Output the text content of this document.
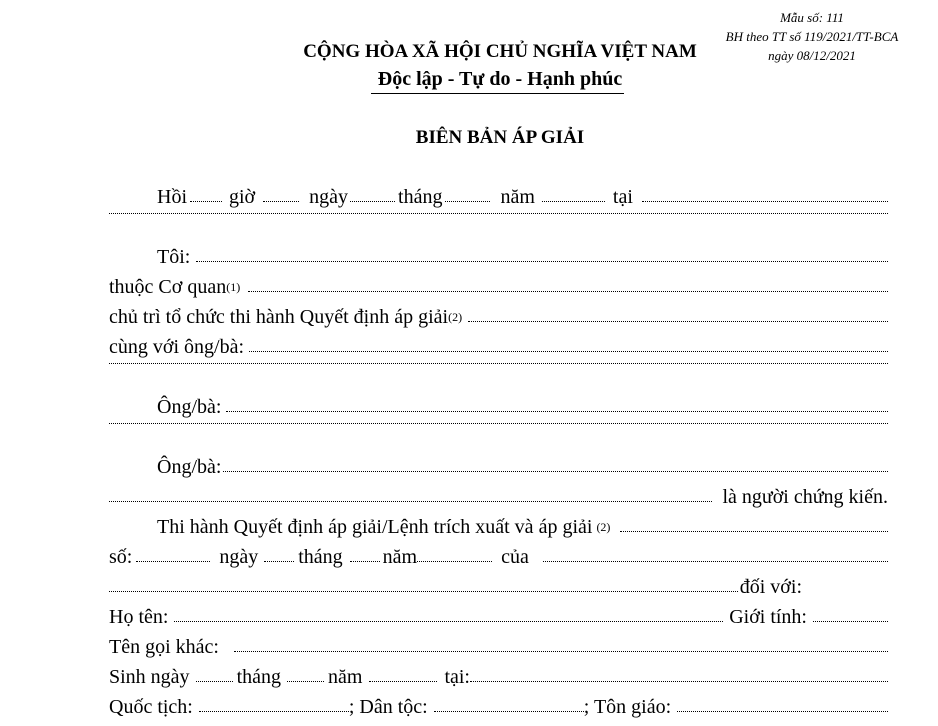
Mẫu số: 111
BH theo TT số 119/2021/TT-BCA
ngày 08/12/2021
CỘNG HÒA XÃ HỘI CHỦ NGHĨA VIỆT NAM
Độc lập - Tự do - Hạnh phúc
BIÊN BẢN ÁP GIẢI
Hồi giờ	ngày	tháng	năm	tại
Tôi:
thuộc Cơ quan$^{(1)}$
chủ trì tổ chức thi hành Quyết định áp giải$^{(2)}$
cùng với ông/bà:
Ông/bà:
Ông/bà:
là người chứng kiến.
Thi hành Quyết định áp giải/Lệnh trích xuất và áp giải $^{(2)}$
số:	ngày tháng năm	của
đối với:
Họ tên:	Giới tính:
Tên gọi khác:
Sinh ngày tháng năm	tại:
Quốc tịch:	; Dân tộc:	; Tôn giáo:
